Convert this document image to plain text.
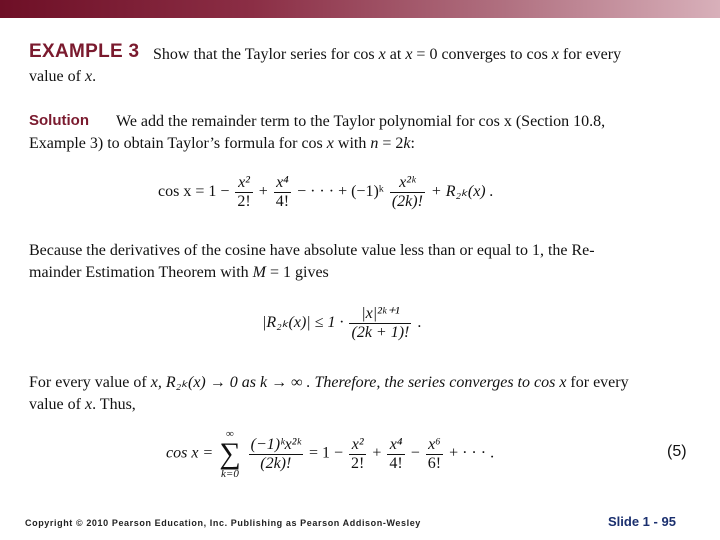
EXAMPLE 3 Show that the Taylor series for cos x at x = 0 converges to cos x for every
value of x.
Solution We add the remainder term to the Taylor polynomial for cos x (Section 10.8,
Example 3) to obtain Taylor’s formula for cos x with n = 2k:
$\cos x = 1 - \frac{\text{x²}}{2!} + \frac{\text{x⁴}}{4!}$ − · · · + (−1)ᵏ $\frac{\text{x²ᵏ}}{(2k)!} + R_{2k}(x)$ .
Because the derivatives of the cosine have absolute value less than or equal to 1, the Re-
mainder Estimation Theorem with M = 1 gives
$|R_{2k}(x)| \le 1 \cdot \frac{\text{|x|²ᵏ⁺¹}}{(2k + 1)!}$ .
For every value of x, R₂ₖ(x) → 0 as k → ∞ . Therefore, the series converges to cos x for every
value of x. Thus,
cos x =
∞
∑
k=0

$\frac{\text{(−1)ᵏx²ᵏ}}{(2k)!} = 1 - \frac{\text{x²}}{2!} + \frac{\text{x⁴}}{4!} - \frac{\text{x⁶}}{6!}$ + · · · .	(5)
Copyright © 2010 Pearson Education, Inc. Publishing as Pearson Addison-Wesley	Slide 1 - 95
